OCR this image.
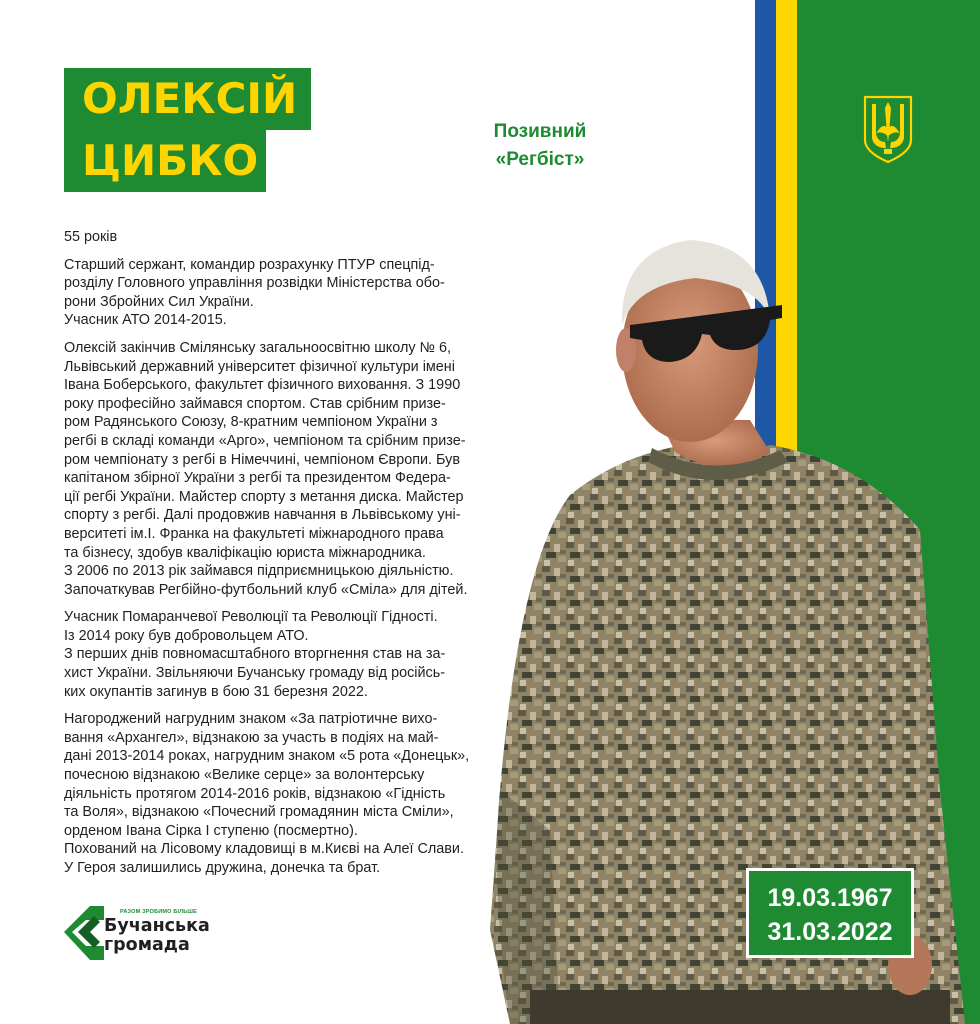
ОЛЕКСІЙ
ЦИБКО
Позивний
«Регбіст»

55 років

Старший сержант, командир розрахунку ПТУР спецпід-
розділу Головного управління розвідки Міністерства обо-
рони Збройних Сил України.
Учасник АТО 2014-2015.

Олексій закінчив Смілянську загальноосвітню школу № 6,
Львівський державний університет фізичної культури імені
Івана Боберського, факультет фізичного виховання. З 1990
року професійно займався спортом. Став срібним призе-
ром Радянського Союзу, 8-кратним чемпіоном України з
регбі в складі команди «Арго», чемпіоном та срібним призе-
ром чемпіонату з регбі в Німеччині, чемпіоном Європи. Був
капітаном збірної України з регбі та президентом Федера-
ції регбі України. Майстер спорту з метання диска. Майстер
спорту з регбі. Далі продовжив навчання в Львівському уні-
верситеті ім.І. Франка на факультеті міжнародного права
та бізнесу, здобув кваліфікацію юриста міжнародника.
З 2006 по 2013 рік займався підприємницькою діяльністю.
Започаткував Регбійно-футбольний клуб «Сміла» для дітей.

Учасник Помаранчевої Революції та Революції Гідності.
Із 2014 року був добровольцем АТО.
З перших днів повномасштабного вторгнення став на за-
хист України. Звільняючи Бучанську громаду від російсь-
ких окупантів загинув в бою 31 березня 2022.

Нагороджений нагрудним знаком «За патріотичне вихо-
вання «Архангел», відзнакою за участь в подіях на май-
дані 2013-2014 роках, нагрудним знаком «5 рота «Донецьк»,
почесною відзнакою «Велике серце» за волонтерську
діяльність протягом 2014-2016 років, відзнакою «Гідність
та Воля», відзнакою «Почесний громадянин міста Сміли»,
орденом Івана Сірка І ступеню (посмертно).
Похований на Лісовому кладовищі в м.Києві на Алеї Слави.
У Героя залишились дружина, донечка та брат.

19.03.1967
31.03.2022
РАЗОМ ЗРОБИМО БІЛЬШЕ
Бучанська
громада
